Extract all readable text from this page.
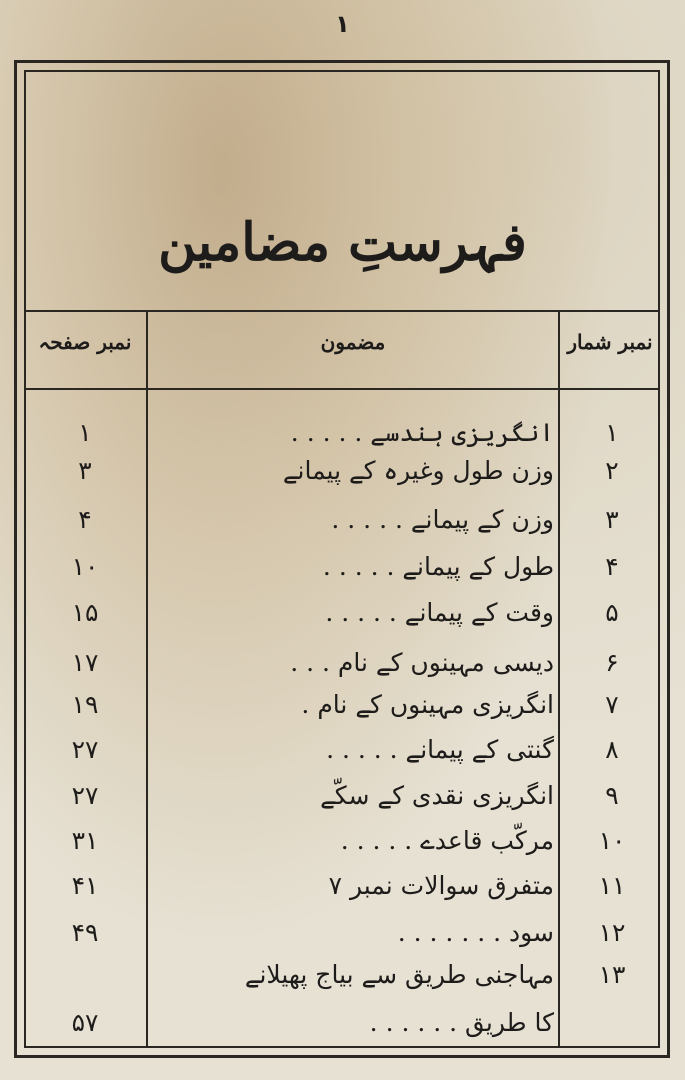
۱
فہرستِ مضامین
نمبر شمار
مضمون
نمبر صفحہ
۱
انگریزی ہندسے . . . . .
۱
۲
وزن طول وغیرہ کے پیمانے
۳
۳
وزن کے پیمانے . . . . .
۴
۴
طول کے پیمانے . . . . .
۱۰
۵
وقت کے پیمانے . . . . .
۱۵
۶
دیسی مہینوں کے نام . . .
۱۷
۷
انگریزی مہینوں کے نام .
۱۹
۸
گنتی کے پیمانے . . . . .
۲۷
۹
انگریزی نقدی کے سکّے
۲۷
۱۰
مرکّب قاعدے . . . . .
۳۱
۱۱
متفرق سوالات نمبر ۷
۴۱
۱۲
سود . . . . . . .
۴۹
۱۳
مہاجنی طریق سے بیاج پھیلانے
کا طریق . . . . . .
۵۷
